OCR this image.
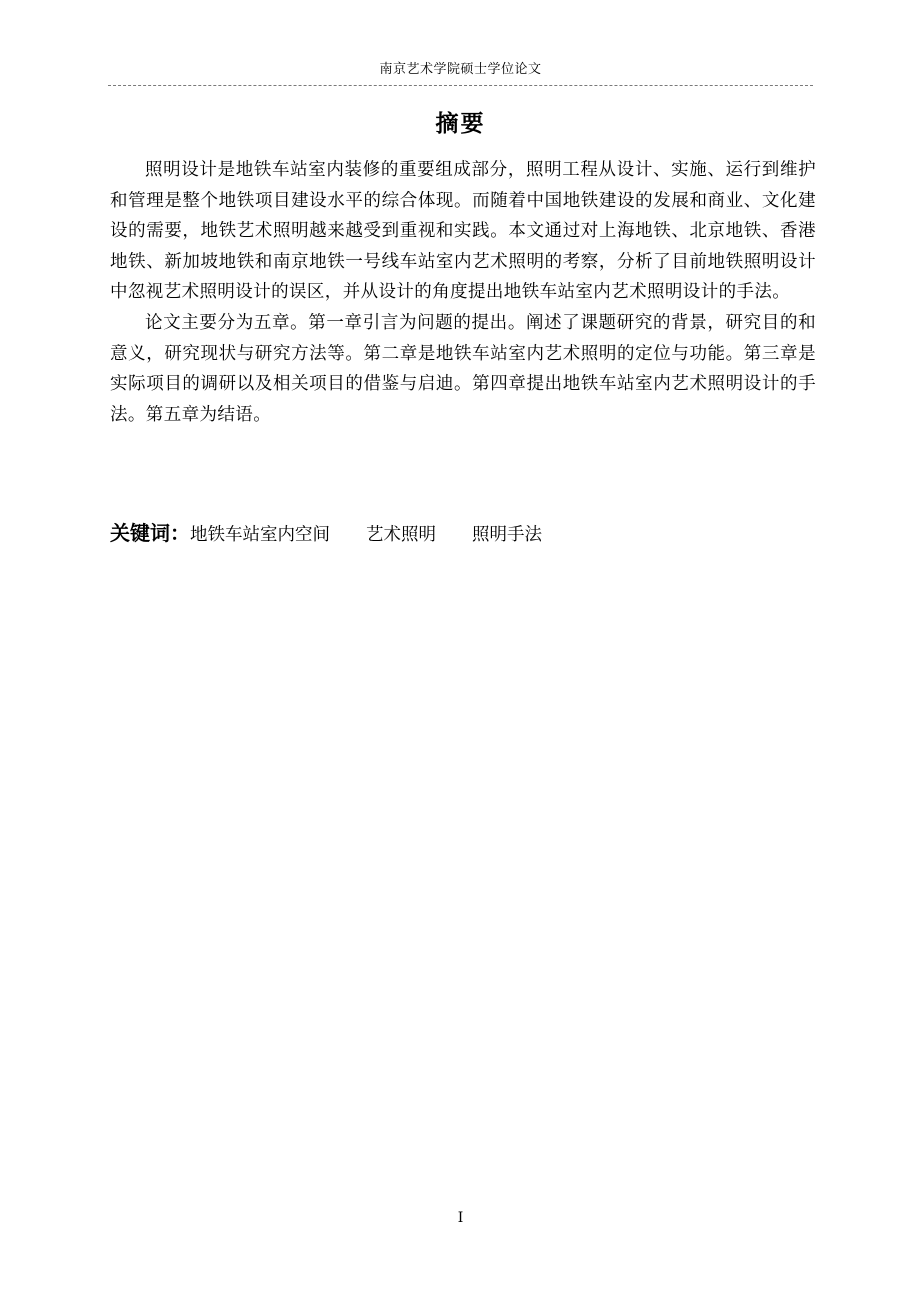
南京艺术学院硕士学位论文
摘要

照明设计是地铁车站室内装修的重要组成部分，照明工程从设计、实施、运行到维护和管理是整个地铁项目建设水平的综合体现。而随着中国地铁建设的发展和商业、文化建设的需要，地铁艺术照明越来越受到重视和实践。本文通过对上海地铁、北京地铁、香港地铁、新加坡地铁和南京地铁一号线车站室内艺术照明的考察，分析了目前地铁照明设计中忽视艺术照明设计的误区，并从设计的角度提出地铁车站室内艺术照明设计的手法。

论文主要分为五章。第一章引言为问题的提出。阐述了课题研究的背景，研究目的和意义，研究现状与研究方法等。第二章是地铁车站室内艺术照明的定位与功能。第三章是实际项目的调研以及相关项目的借鉴与启迪。第四章提出地铁车站室内艺术照明设计的手法。第五章为结语。

关键词：地铁车站室内空间 艺术照明 照明手法
I
